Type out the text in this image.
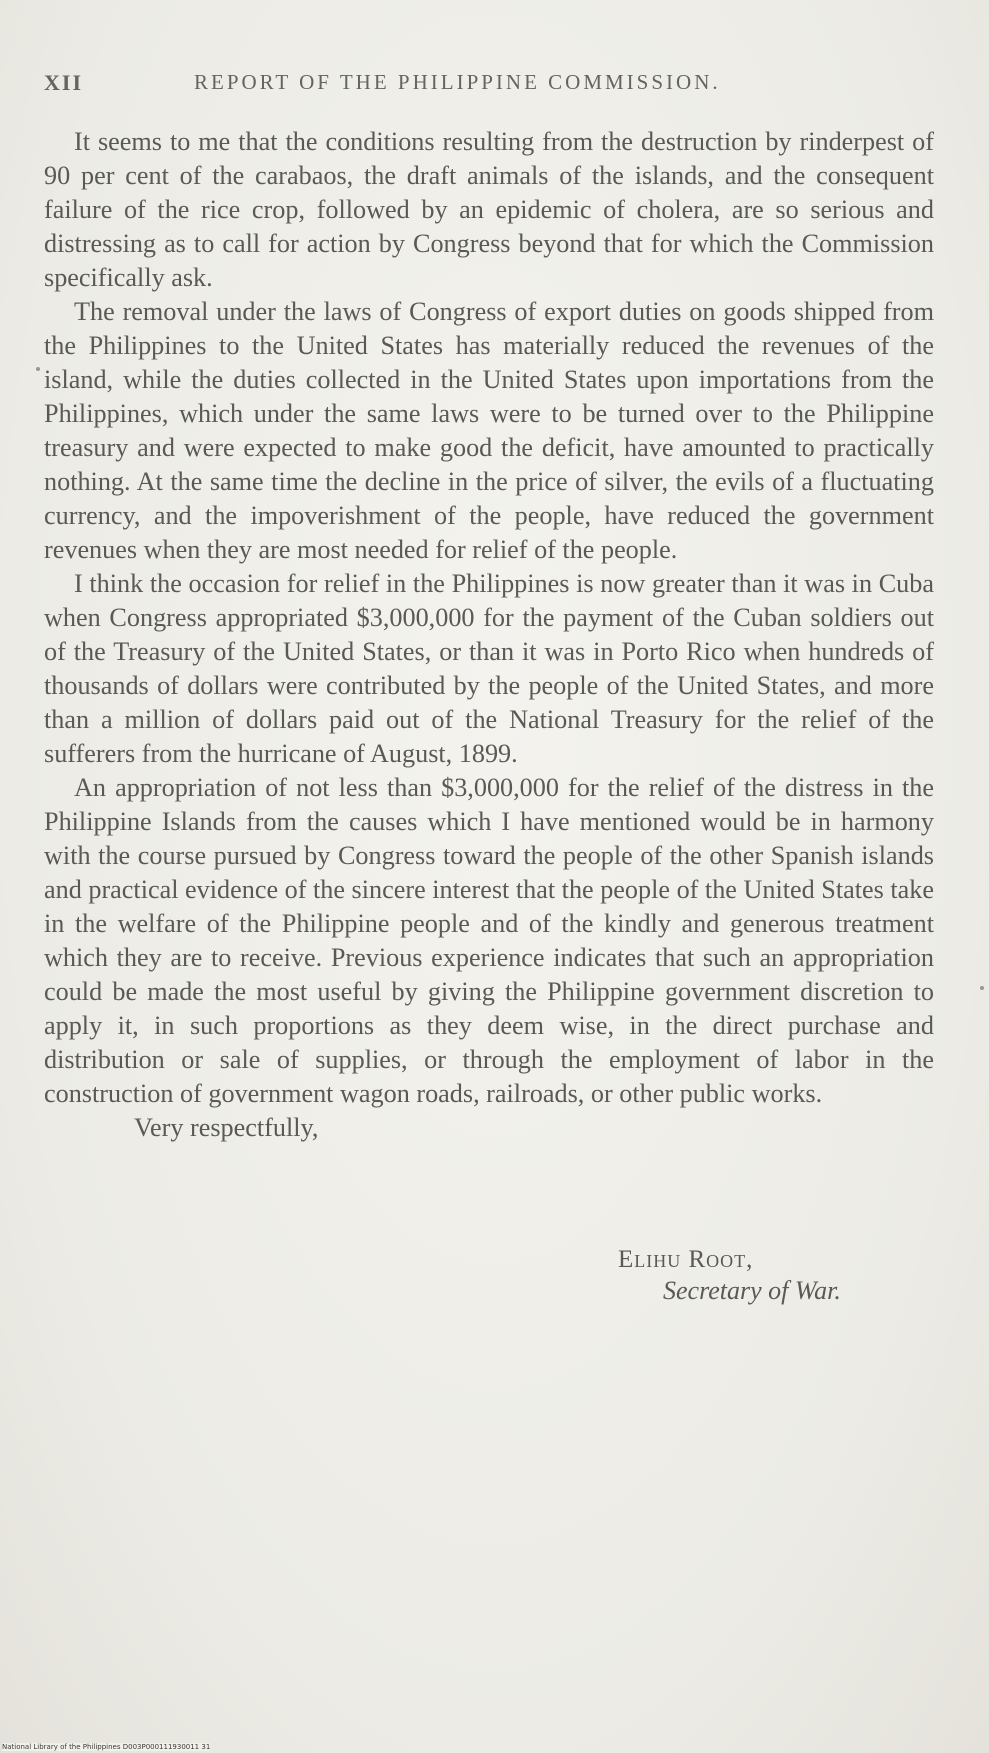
XII	REPORT OF THE PHILIPPINE COMMISSION.

It seems to me that the conditions resulting from the destruction by rinderpest of 90 per cent of the carabaos, the draft animals of the islands, and the consequent failure of the rice crop, followed by an epidemic of cholera, are so serious and distressing as to call for action by Congress beyond that for which the Commission specifically ask.

The removal under the laws of Congress of export duties on goods shipped from the Philippines to the United States has materially reduced the revenues of the island, while the duties collected in the United States upon importations from the Philippines, which under the same laws were to be turned over to the Philippine treasury and were expected to make good the deficit, have amounted to practically nothing. At the same time the decline in the price of silver, the evils of a fluctuating currency, and the impoverishment of the people, have reduced the government revenues when they are most needed for relief of the people.

I think the occasion for relief in the Philippines is now greater than it was in Cuba when Congress appropriated $3,000,000 for the payment of the Cuban soldiers out of the Treasury of the United States, or than it was in Porto Rico when hundreds of thousands of dollars were contributed by the people of the United States, and more than a million of dollars paid out of the National Treasury for the relief of the sufferers from the hurricane of August, 1899.

An appropriation of not less than $3,000,000 for the relief of the distress in the Philippine Islands from the causes which I have mentioned would be in harmony with the course pursued by Congress toward the people of the other Spanish islands and practical evidence of the sincere interest that the people of the United States take in the welfare of the Philippine people and of the kindly and generous treatment which they are to receive. Previous experience indicates that such an appropriation could be made the most useful by giving the Philippine government discretion to apply it, in such proportions as they deem wise, in the direct purchase and distribution or sale of supplies, or through the employment of labor in the construction of government wagon roads, railroads, or other public works.

Very respectfully,
Elihu Root,
Secretary of War.
National Library of the Philippines D003P000111930011 31
